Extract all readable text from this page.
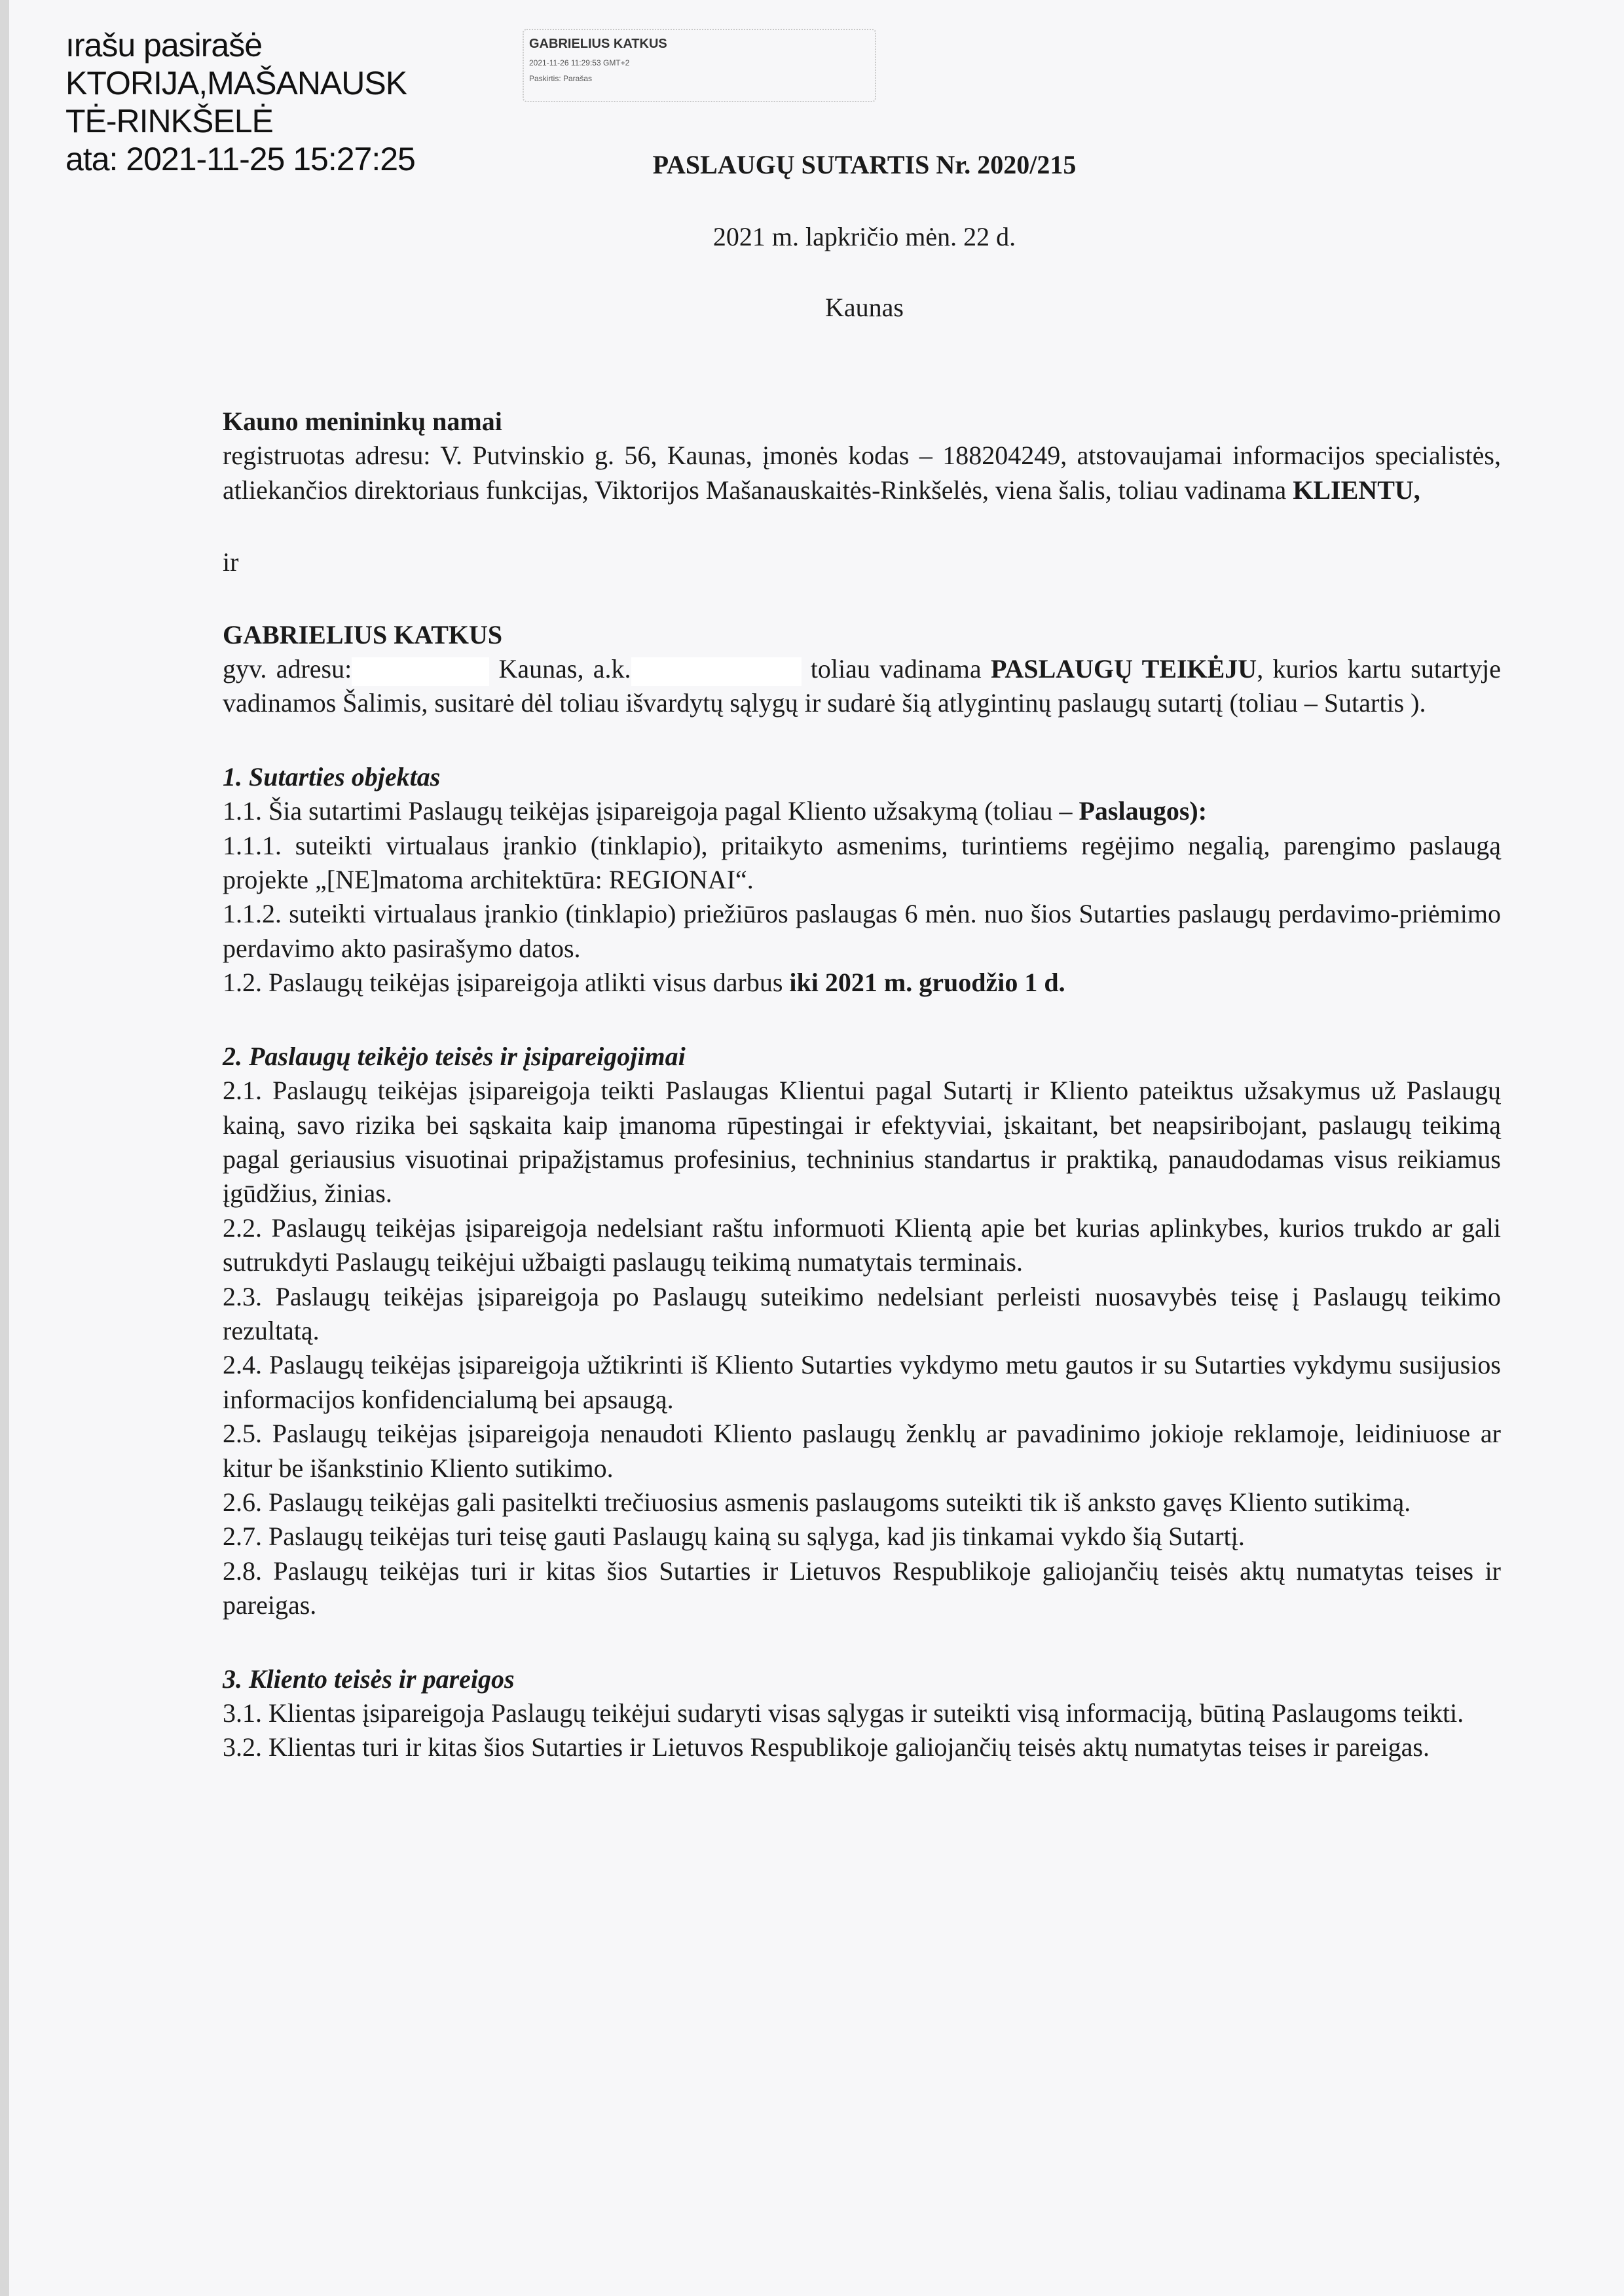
ırašu pasirašė
KTORIJA,MAŠANAUSK
TĖ-RINKŠELĖ
ata: 2021-11-25 15:27:25
GABRIELIUS KATKUS
2021-11-26 11:29:53 GMT+2
Paskirtis: Parašas
PASLAUGŲ SUTARTIS Nr. 2020/215
2021 m. lapkričio mėn. 22 d.
Kaunas

Kauno menininkų namai

registruotas adresu: V. Putvinskio g. 56, Kaunas, įmonės kodas – 188204249, atstovaujamai informacijos specialistės, atliekančios direktoriaus funkcijas, Viktorijos Mašanauskaitės-Rinkšelės, viena šalis, toliau vadinama KLIENTU,

ir

GABRIELIUS KATKUS

gyv. adresu:	Kaunas, a.k.	toliau vadinama PASLAUGŲ TEIKĖJU, kurios kartu sutartyje vadinamos Šalimis, susitarė dėl toliau išvardytų sąlygų ir sudarė šią atlygintinų paslaugų sutartį (toliau – Sutartis ).

1. Sutarties objektas

1.1. Šia sutartimi Paslaugų teikėjas įsipareigoja pagal Kliento užsakymą (toliau – Paslaugos):

1.1.1. suteikti virtualaus įrankio (tinklapio), pritaikyto asmenims, turintiems regėjimo negalią, parengimo paslaugą projekte „[NE]matoma architektūra: REGIONAI“.

1.1.2. suteikti virtualaus įrankio (tinklapio) priežiūros paslaugas 6 mėn. nuo šios Sutarties paslaugų perdavimo-priėmimo perdavimo akto pasirašymo datos.

1.2. Paslaugų teikėjas įsipareigoja atlikti visus darbus iki 2021 m. gruodžio 1 d.

2. Paslaugų teikėjo teisės ir įsipareigojimai

2.1. Paslaugų teikėjas įsipareigoja teikti Paslaugas Klientui pagal Sutartį ir Kliento pateiktus užsakymus už Paslaugų kainą, savo rizika bei sąskaita kaip įmanoma rūpestingai ir efektyviai, įskaitant, bet neapsiribojant, paslaugų teikimą pagal geriausius visuotinai pripažįstamus profesinius, techninius standartus ir praktiką, panaudodamas visus reikiamus įgūdžius, žinias.

2.2. Paslaugų teikėjas įsipareigoja nedelsiant raštu informuoti Klientą apie bet kurias aplinkybes, kurios trukdo ar gali sutrukdyti Paslaugų teikėjui užbaigti paslaugų teikimą numatytais terminais.

2.3. Paslaugų teikėjas įsipareigoja po Paslaugų suteikimo nedelsiant perleisti nuosavybės teisę į Paslaugų teikimo rezultatą.

2.4. Paslaugų teikėjas įsipareigoja užtikrinti iš Kliento Sutarties vykdymo metu gautos ir su Sutarties vykdymu susijusios informacijos konfidencialumą bei apsaugą.

2.5. Paslaugų teikėjas įsipareigoja nenaudoti Kliento paslaugų ženklų ar pavadinimo jokioje reklamoje, leidiniuose ar kitur be išankstinio Kliento sutikimo.

2.6. Paslaugų teikėjas gali pasitelkti trečiuosius asmenis paslaugoms suteikti tik iš anksto gavęs Kliento sutikimą.

2.7. Paslaugų teikėjas turi teisę gauti Paslaugų kainą su sąlyga, kad jis tinkamai vykdo šią Sutartį.

2.8. Paslaugų teikėjas turi ir kitas šios Sutarties ir Lietuvos Respublikoje galiojančių teisės aktų numatytas teises ir pareigas.

3. Kliento teisės ir pareigos

3.1. Klientas įsipareigoja Paslaugų teikėjui sudaryti visas sąlygas ir suteikti visą informaciją, būtiną Paslaugoms teikti.

3.2. Klientas turi ir kitas šios Sutarties ir Lietuvos Respublikoje galiojančių teisės aktų numatytas teises ir pareigas.
